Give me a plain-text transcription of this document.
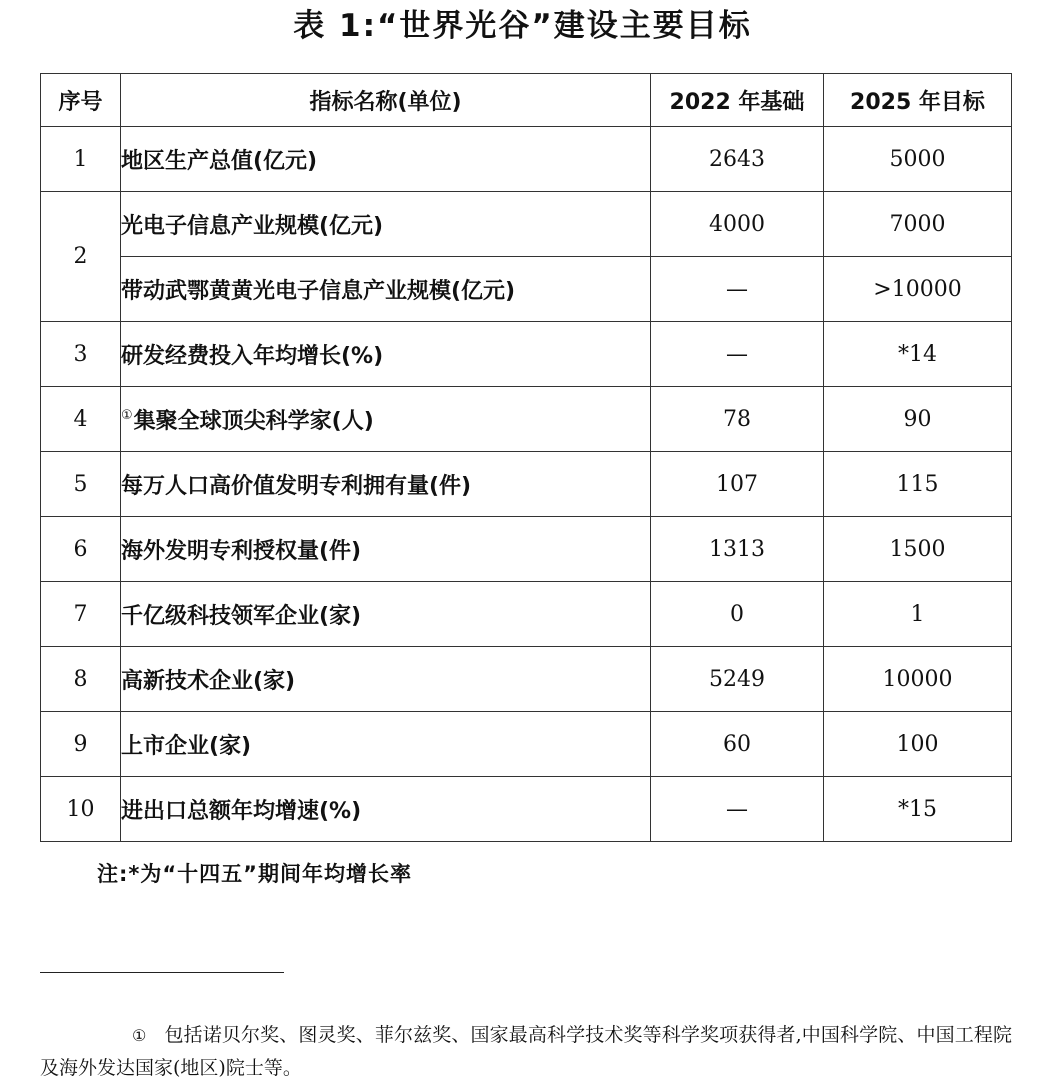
表 1:“世界光谷”建设主要目标
序号	指标名称(单位)	2022 年基础	2025 年目标
1	地区生产总值(亿元)	2643	5000
2	光电子信息产业规模(亿元)	4000	7000
	带动武鄂黄黄光电子信息产业规模(亿元)	—	>10000
3	研发经费投入年均增长(%)	—	*14
4	①集聚全球顶尖科学家(人)	78	90
5	每万人口高价值发明专利拥有量(件)	107	115
6	海外发明专利授权量(件)	1313	1500
7	千亿级科技领军企业(家)	0	1
8	高新技术企业(家)	5249	10000
9	上市企业(家)	60	100
10	进出口总额年均增速(%)	—	*15
注:*为“十四五”期间年均增长率
① 包括诺贝尔奖、图灵奖、菲尔兹奖、国家最高科学技术奖等科学奖项获得者,中国科学院、中国工程院及海外发达国家(地区)院士等。
